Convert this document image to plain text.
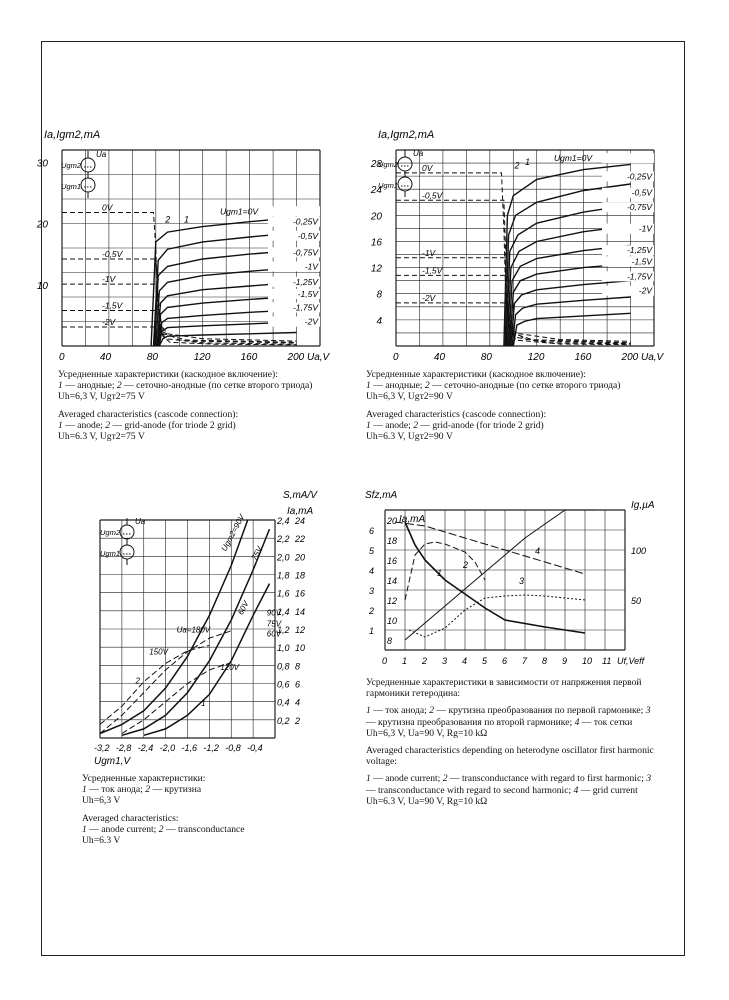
Ia,Igт2,mA
0	40	80	120	160	200 Ua,V
30
20
10
Ugт1=0V
-0,25V
-0,5V
-0,75V
-1V
-1,25V
-1,5V
-1,75V
-2V
0V
-0,5V
-1V
-1,5V
-2V
1
2
Ua
Ugт2
Ugт1
Ia,Igт2,mA
0	40	80	120	160	200 Ua,V
28
24
20
16
12
8
4
Ugт1=0V
-0,25V
-0,5V
-0,75V
-1V
-1,25V
-1,5V
-1,75V
-2V
0V
-0,5V
-1V
-1,5V
-2V
1
2
Ua
Ugт2
Ugт1
S,mA/V
Ia,mA
24
22
20
18
16
14
12
10
8
6
4
2
2,4
2,2
2,0
1,8
1,6
1,4
1,2
1,0
0,8
0,6
0,4
0,2
-3,2 -2,8 -2,4 -2,0 -1,6 -1,2 -0,8 -0,4
Ugт1,V
Ugт2=90V
75V
60V
150V
Ua=180V
120V
90V
75V
60V
1
2
Ua
Ugт2
Ugт1
Sfz,mA
Ia,mA
Ig,µA
20
18
16
14
12
10
8
6
5
4
3
2
1
100
50
0 1 2 3 4 5 6 7 8 9 10 11 Uf,Veff
1
2
3
4

Усредненные характеристики (каскодное включение):

1 — анодные; 2 — сеточно-анодные (по сетке второго триода)

Uh=6,3 V, Ugт2=75 V

Averaged characteristics (cascode connection):

1 — anode; 2 — grid-anode (for triode 2 grid)

Uh=6.3 V, Ugт2=75 V

Усредненные характеристики (каскодное включение):

1 — анодные; 2 — сеточно-анодные (по сетке второго триода)

Uh=6,3 V, Ugт2=90 V

Averaged characteristics (cascode connection):

1 — anode; 2 — grid-anode (for triode 2 grid)

Uh=6.3 V, Ugт2=90 V

Усредненные характеристики:

1 — ток анода; 2 — крутизна

Uh=6,3 V

Averaged characteristics:

1 — anode current; 2 — transconductance

Uh=6.3 V

Усредненные характеристики в зависимости от напряжения первой гармоники гетеродина:

1 — ток анода; 2 — крутизна преобразования по первой гармонике; 3 — крутизна преобразования по второй гармонике; 4 — ток сетки

Uh=6,3 V, Ua=90 V, Rg=10 kΩ

Averaged characteristics depending on heterodyne oscillator first harmonic voltage:

1 — anode current; 2 — transconductance with regard to first harmonic; 3 — transconductance with regard to second harmonic; 4 — grid current

Uh=6.3 V, Ua=90 V, Rg=10 kΩ
